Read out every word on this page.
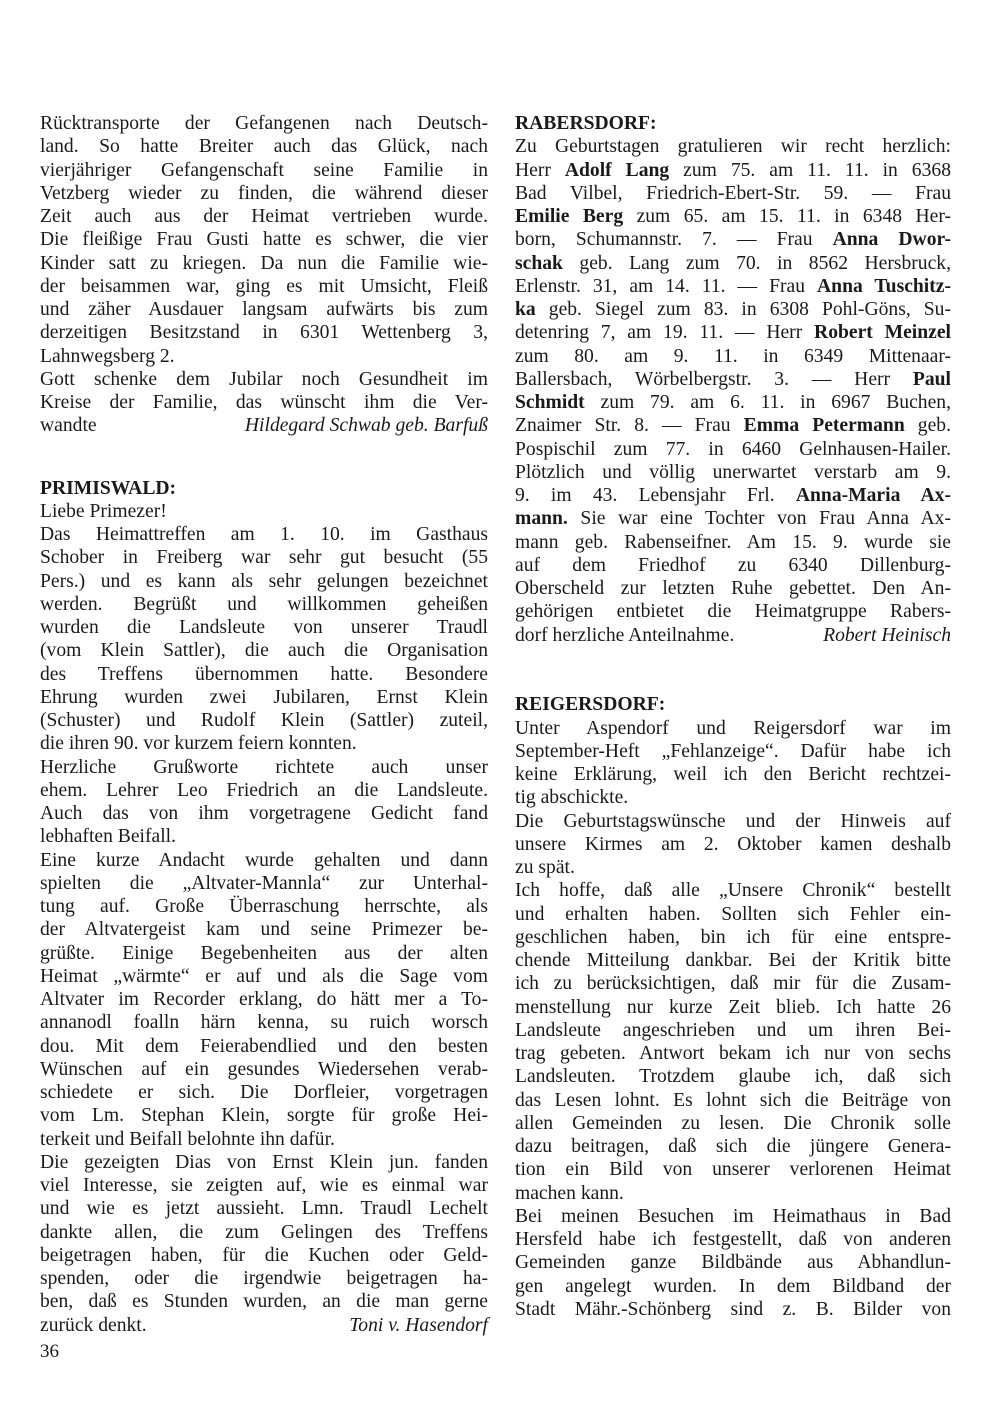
Rücktransporte der Gefangenen nach Deutsch-
land. So hatte Breiter auch das Glück, nach
vierjähriger Gefangenschaft seine Familie in
Vetzberg wieder zu finden, die während dieser
Zeit auch aus der Heimat vertrieben wurde.
Die fleißige Frau Gusti hatte es schwer, die vier
Kinder satt zu kriegen. Da nun die Familie wie-
der beisammen war, ging es mit Umsicht, Fleiß
und zäher Ausdauer langsam aufwärts bis zum
derzeitigen Besitzstand in 6301 Wettenberg 3,
Lahnwegsberg 2.
Gott schenke dem Jubilar noch Gesundheit im
Kreise der Familie, das wünscht ihm die Ver-
wandte	Hildegard Schwab geb. Barfuß
PRIMISWALD:
Liebe Primezer!
Das Heimattreffen am 1. 10. im Gasthaus
Schober in Freiberg war sehr gut besucht (55
Pers.) und es kann als sehr gelungen bezeichnet
werden. Begrüßt und willkommen geheißen
wurden die Landsleute von unserer Traudl
(vom Klein Sattler), die auch die Organisation
des Treffens übernommen hatte. Besondere
Ehrung wurden zwei Jubilaren, Ernst Klein
(Schuster) und Rudolf Klein (Sattler) zuteil,
die ihren 90. vor kurzem feiern konnten.
Herzliche Grußworte richtete auch unser
ehem. Lehrer Leo Friedrich an die Landsleute.
Auch das von ihm vorgetragene Gedicht fand
lebhaften Beifall.
Eine kurze Andacht wurde gehalten und dann
spielten die „Altvater-Mannla“ zur Unterhal-
tung auf. Große Überraschung herrschte, als
der Altvatergeist kam und seine Primezer be-
grüßte. Einige Begebenheiten aus der alten
Heimat „wärmte“ er auf und als die Sage vom
Altvater im Recorder erklang, do hätt mer a To-
annanodl foalln härn kenna, su ruich worsch
dou. Mit dem Feierabendlied und den besten
Wünschen auf ein gesundes Wiedersehen verab-
schiedete er sich. Die Dorfleier, vorgetragen
vom Lm. Stephan Klein, sorgte für große Hei-
terkeit und Beifall belohnte ihn dafür.
Die gezeigten Dias von Ernst Klein jun. fanden
viel Interesse, sie zeigten auf, wie es einmal war
und wie es jetzt aussieht. Lmn. Traudl Lechelt
dankte allen, die zum Gelingen des Treffens
beigetragen haben, für die Kuchen oder Geld-
spenden, oder die irgendwie beigetragen ha-
ben, daß es Stunden wurden, an die man gerne
zurück denkt.	Toni v. Hasendorf
RABERSDORF:
Zu Geburtstagen gratulieren wir recht herzlich:
Herr Adolf Lang zum 75. am 11. 11. in 6368
Bad Vilbel, Friedrich-Ebert-Str. 59. — Frau
Emilie Berg zum 65. am 15. 11. in 6348 Her-
born, Schumannstr. 7. — Frau Anna Dwor-
schak geb. Lang zum 70. in 8562 Hersbruck,
Erlenstr. 31, am 14. 11. — Frau Anna Tuschitz-
ka geb. Siegel zum 83. in 6308 Pohl-Göns, Su-
detenring 7, am 19. 11. — Herr Robert Meinzel
zum 80. am 9. 11. in 6349 Mittenaar-
Ballersbach, Wörbelbergstr. 3. — Herr Paul
Schmidt zum 79. am 6. 11. in 6967 Buchen,
Znaimer Str. 8. — Frau Emma Petermann geb.
Pospischil zum 77. in 6460 Gelnhausen-Hailer.
Plötzlich und völlig unerwartet verstarb am 9.
9. im 43. Lebensjahr Frl. Anna-Maria Ax-
mann. Sie war eine Tochter von Frau Anna Ax-
mann geb. Rabenseifner. Am 15. 9. wurde sie
auf dem Friedhof zu 6340 Dillenburg-
Oberscheld zur letzten Ruhe gebettet. Den An-
gehörigen entbietet die Heimatgruppe Rabers-
dorf herzliche Anteilnahme.	Robert Heinisch
REIGERSDORF:
Unter Aspendorf und Reigersdorf war im
September-Heft „Fehlanzeige“. Dafür habe ich
keine Erklärung, weil ich den Bericht rechtzei-
tig abschickte.
Die Geburtstagswünsche und der Hinweis auf
unsere Kirmes am 2. Oktober kamen deshalb
zu spät.
Ich hoffe, daß alle „Unsere Chronik“ bestellt
und erhalten haben. Sollten sich Fehler ein-
geschlichen haben, bin ich für eine entspre-
chende Mitteilung dankbar. Bei der Kritik bitte
ich zu berücksichtigen, daß mir für die Zusam-
menstellung nur kurze Zeit blieb. Ich hatte 26
Landsleute angeschrieben und um ihren Bei-
trag gebeten. Antwort bekam ich nur von sechs
Landsleuten. Trotzdem glaube ich, daß sich
das Lesen lohnt. Es lohnt sich die Beiträge von
allen Gemeinden zu lesen. Die Chronik solle
dazu beitragen, daß sich die jüngere Genera-
tion ein Bild von unserer verlorenen Heimat
machen kann.
Bei meinen Besuchen im Heimathaus in Bad
Hersfeld habe ich festgestellt, daß von anderen
Gemeinden ganze Bildbände aus Abhandlun-
gen angelegt wurden. In dem Bildband der
Stadt Mähr.-Schönberg sind z. B. Bilder von
36
